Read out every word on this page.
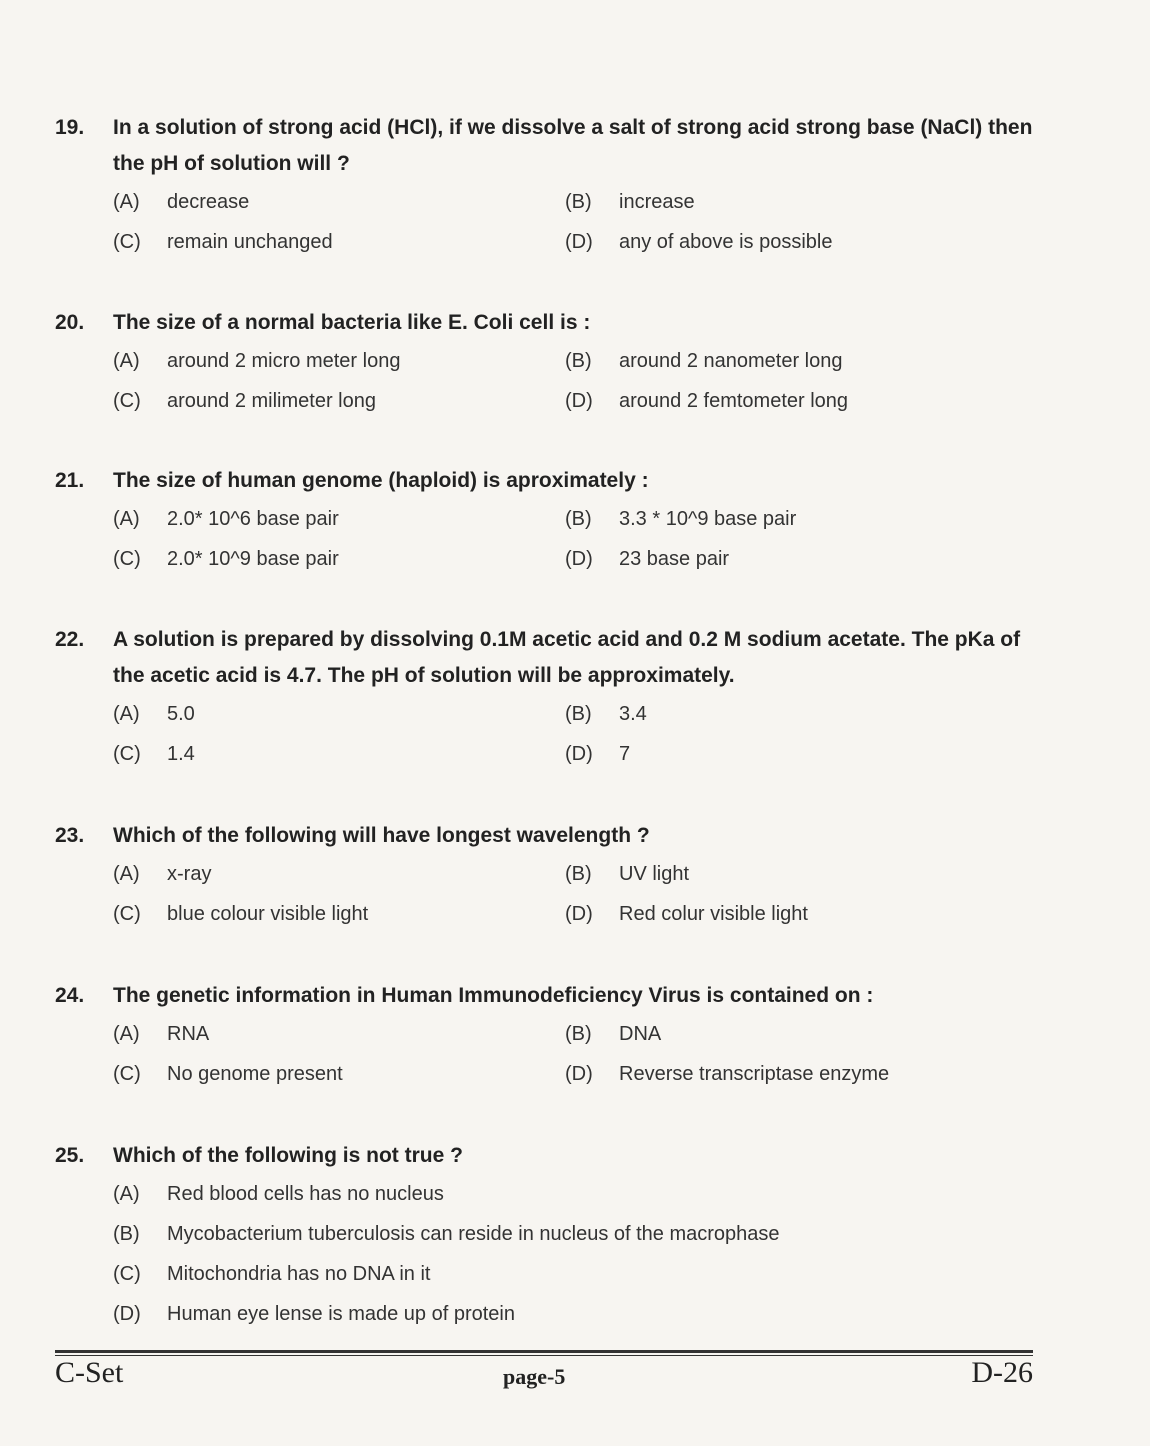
19.	In a solution of strong acid (HCl), if we dissolve a salt of strong acid strong base (NaCl) then the pH of solution will ?
(A)	decrease	(B)	increase
(C)	remain unchanged	(D)	any of above is possible
20.	The size of a normal bacteria like E. Coli cell is :
(A)	around 2 micro meter long	(B)	around 2 nanometer long
(C)	around 2 milimeter long	(D)	around 2 femtometer long
21.	The size of human genome (haploid) is aproximately :
(A)	2.0* 10^6 base pair	(B)	3.3 * 10^9 base pair
(C)	2.0* 10^9 base pair	(D)	23 base pair
22.	A solution is prepared by dissolving 0.1M acetic acid and 0.2 M sodium acetate. The pKa of the acetic acid is 4.7. The pH of solution will be approximately.
(A)	5.0	(B)	3.4
(C)	1.4	(D)	7
23.	Which of the following will have longest wavelength ?
(A)	x-ray	(B)	UV light
(C)	blue colour visible light	(D)	Red colur visible light
24.	The genetic information in Human Immunodeficiency Virus is contained on :
(A)	RNA	(B)	DNA
(C)	No genome present	(D)	Reverse transcriptase enzyme
25.	Which of the following is not true ?
(A)	Red blood cells has no nucleus
(B)	Mycobacterium tuberculosis can reside in nucleus of the macrophase
(C)	Mitochondria has no DNA in it
(D)	Human eye lense is made up of protein
C-Set	page-5	D-26
